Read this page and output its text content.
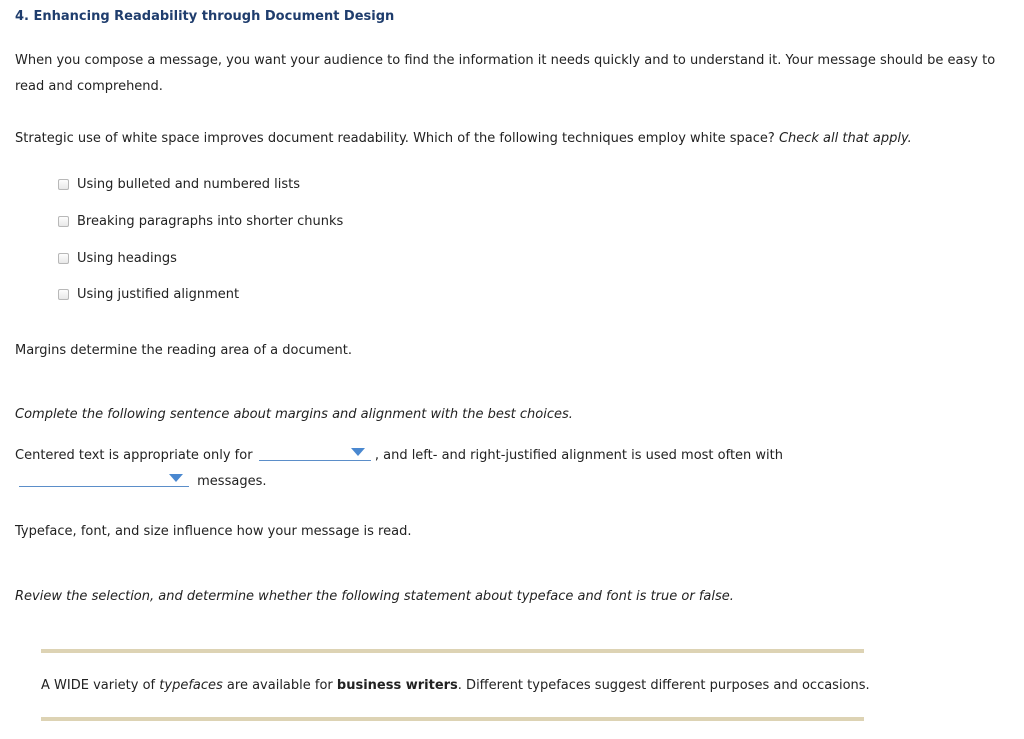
4. Enhancing Readability through Document Design
When you compose a message, you want your audience to find the information it needs quickly and to understand it. Your message should be easy to read and comprehend.
Strategic use of white space improves document readability. Which of the following techniques employ white space? Check all that apply.
Using bulleted and numbered lists
Breaking paragraphs into shorter chunks
Using headings
Using justified alignment
Margins determine the reading area of a document.
Complete the following sentence about margins and alignment with the best choices.
Centered text is appropriate only for	, and left- and right-justified alignment is used most often with
messages.
Typeface, font, and size influence how your message is read.
Review the selection, and determine whether the following statement about typeface and font is true or false.
A WIDE variety of typefaces are available for business writers. Different typefaces suggest different purposes and occasions.
